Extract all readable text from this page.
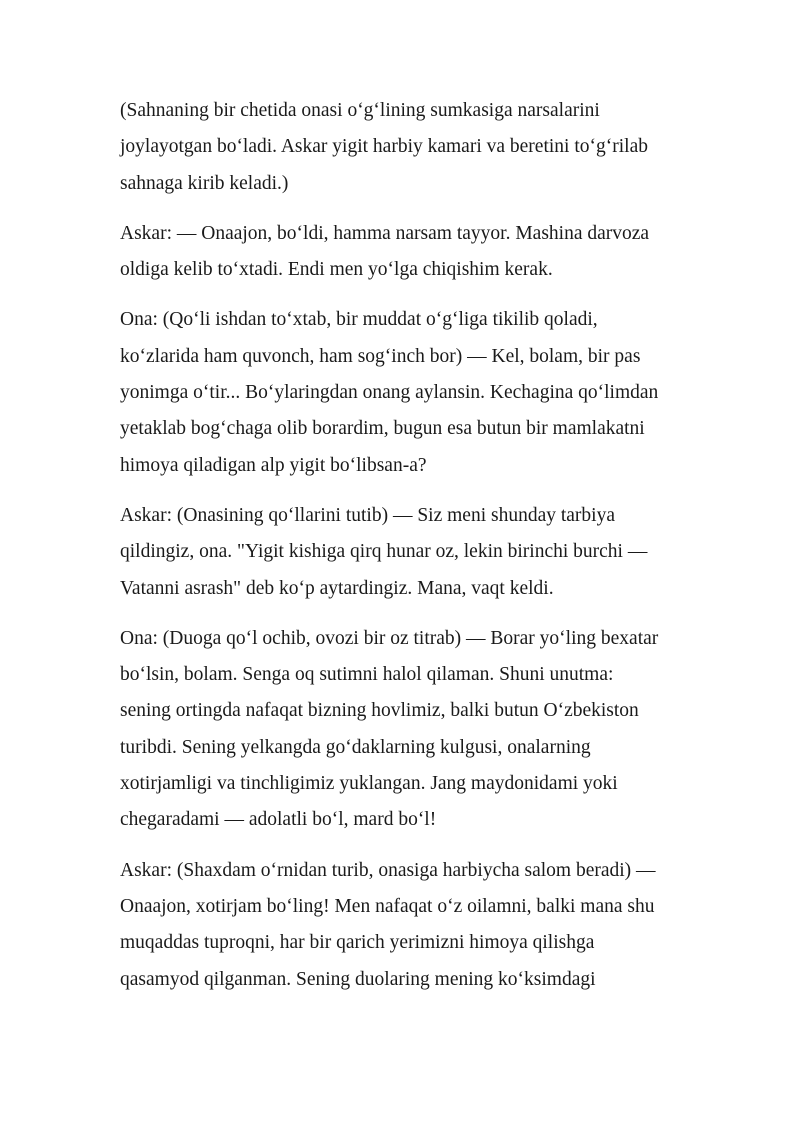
(Sahnaning bir chetida onasi o‘g‘lining sumkasiga narsalarini
joylayotgan bo‘ladi. Askar yigit harbiy kamari va beretini to‘g‘rilab
sahnaga kirib keladi.)

Askar: — Onaajon, bo‘ldi, hamma narsam tayyor. Mashina darvoza
oldiga kelib to‘xtadi. Endi men yo‘lga chiqishim kerak.

Ona: (Qo‘li ishdan to‘xtab, bir muddat o‘g‘liga tikilib qoladi,
ko‘zlarida ham quvonch, ham sog‘inch bor) — Kel, bolam, bir pas
yonimga o‘tir... Bo‘ylaringdan onang aylansin. Kechagina qo‘limdan
yetaklab bog‘chaga olib borardim, bugun esa butun bir mamlakatni
himoya qiladigan alp yigit bo‘libsan-a?

Askar: (Onasining qo‘llarini tutib) — Siz meni shunday tarbiya
qildingiz, ona. "Yigit kishiga qirq hunar oz, lekin birinchi burchi —
Vatanni asrash" deb ko‘p aytardingiz. Mana, vaqt keldi.

Ona: (Duoga qo‘l ochib, ovozi bir oz titrab) — Borar yo‘ling bexatar
bo‘lsin, bolam. Senga oq sutimni halol qilaman. Shuni unutma:
sening ortingda nafaqat bizning hovlimiz, balki butun O‘zbekiston
turibdi. Sening yelkangda go‘daklarning kulgusi, onalarning
xotirjamligi va tinchligimiz yuklangan. Jang maydonidami yoki
chegaradami — adolatli bo‘l, mard bo‘l!

Askar: (Shaxdam o‘rnidan turib, onasiga harbiycha salom beradi) —
Onaajon, xotirjam bo‘ling! Men nafaqat o‘z oilamni, balki mana shu
muqaddas tuproqni, har bir qarich yerimizni himoya qilishga
qasamyod qilganman. Sening duolaring mening ko‘ksimdagi
